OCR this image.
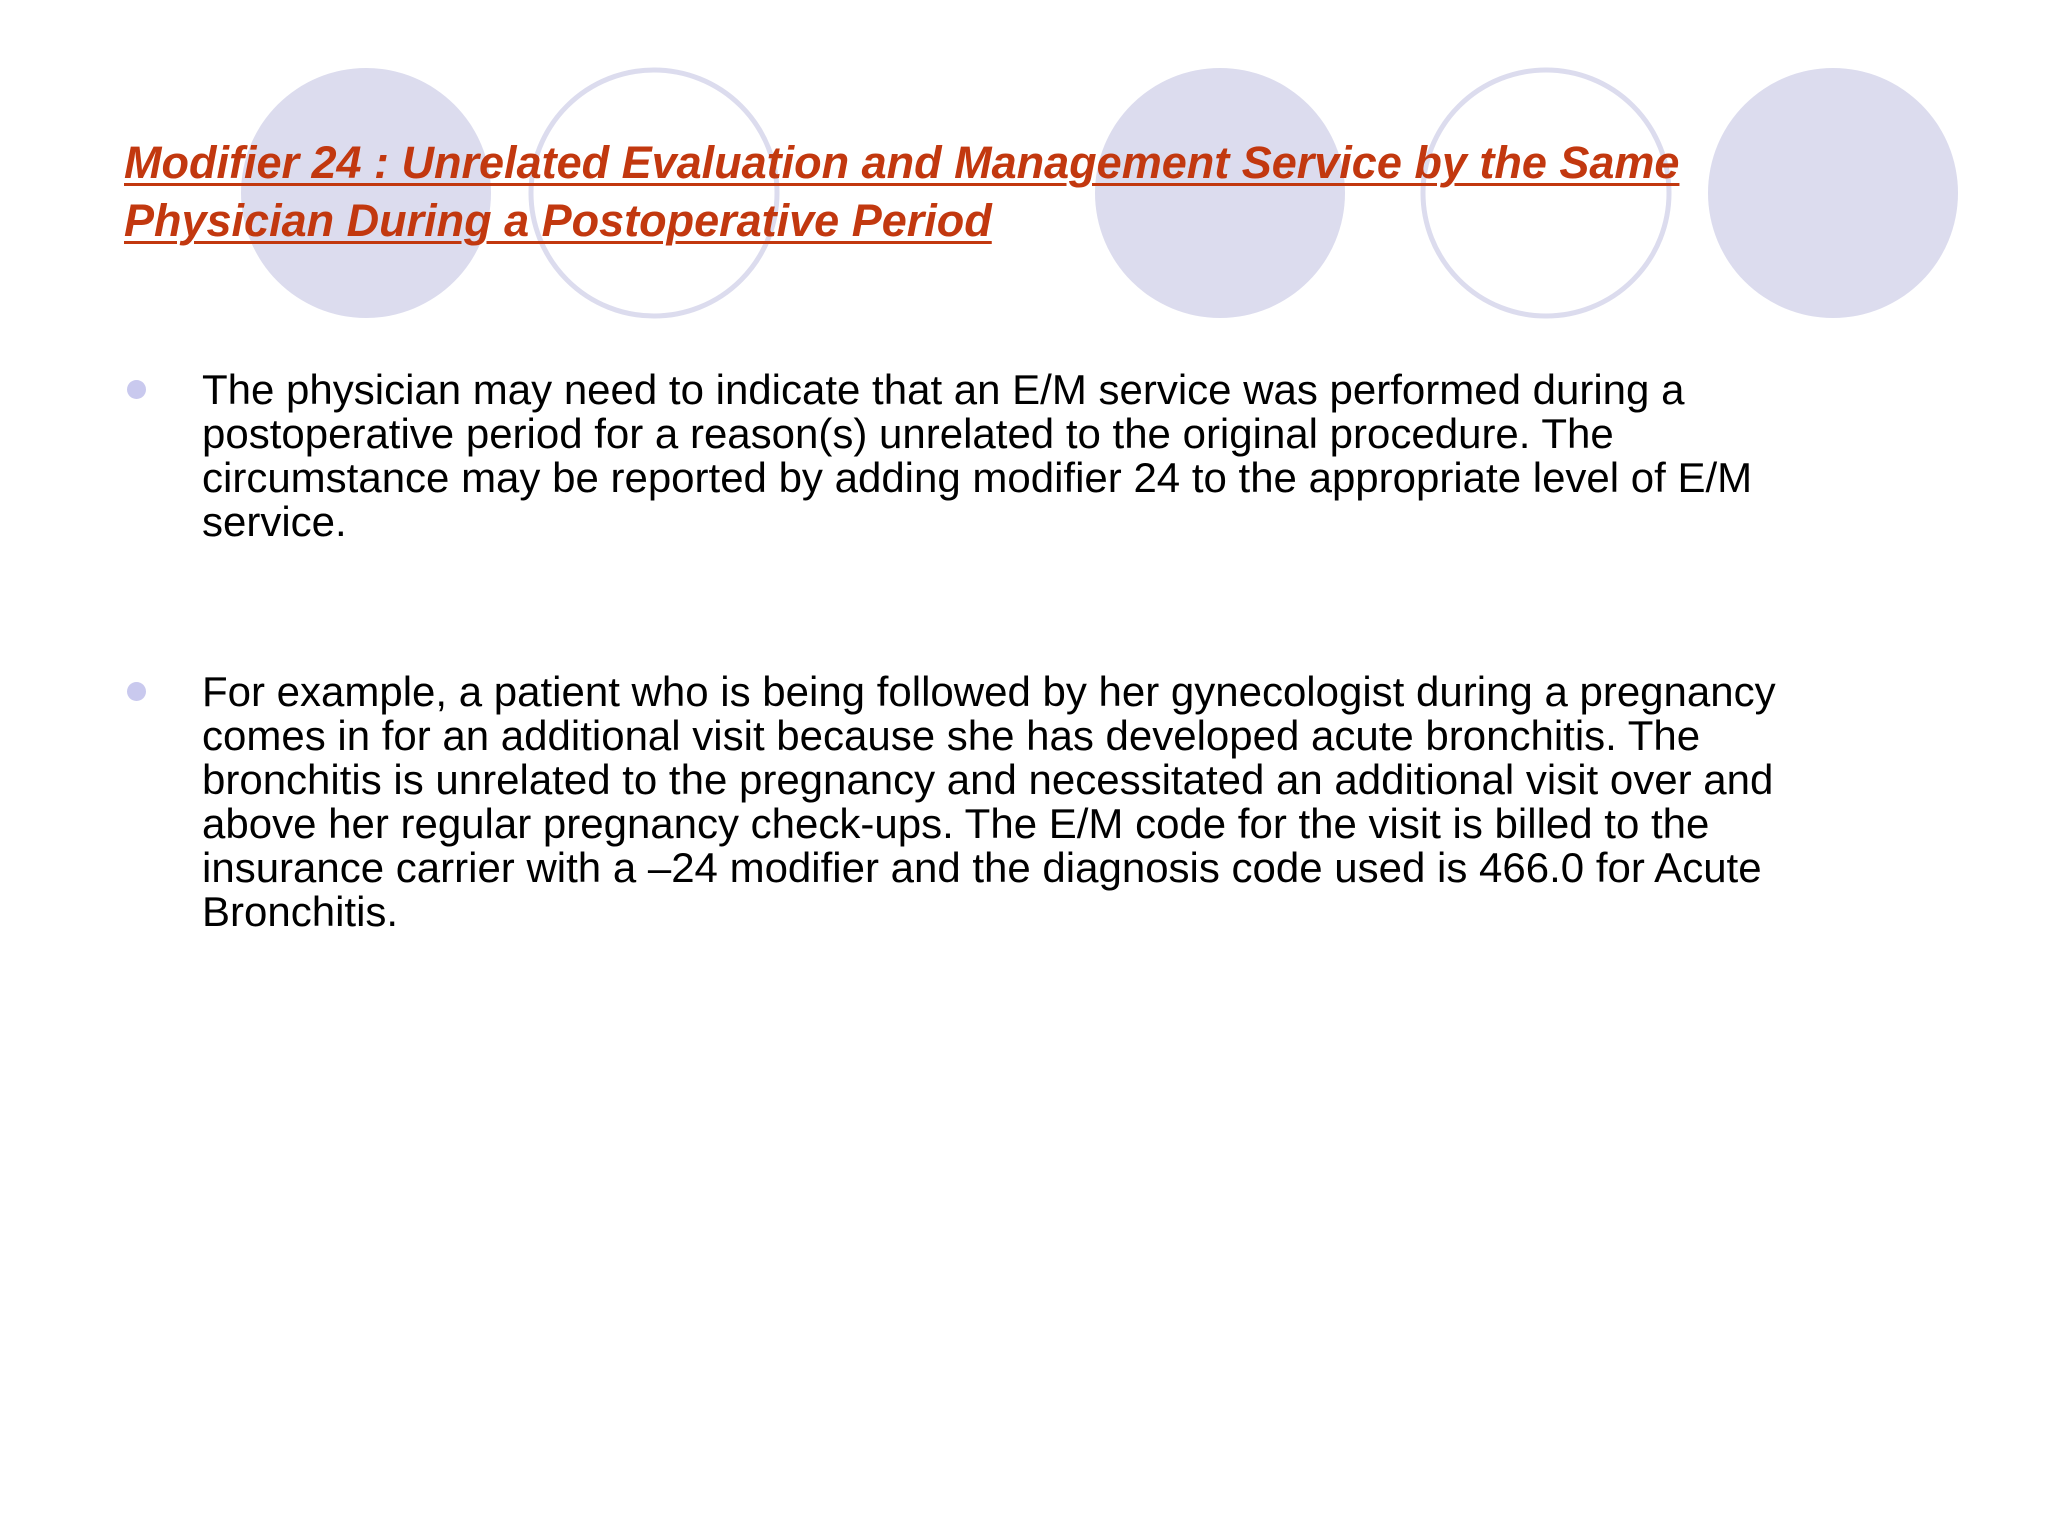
Modifier 24 : Unrelated Evaluation and Management Service by the Same
Physician During a Postoperative Period
The physician may need to indicate that an E/M service was performed during a
postoperative period for a reason(s) unrelated to the original procedure. The
circumstance may be reported by adding modifier 24 to the appropriate level of E/M
service.
For example, a patient who is being followed by her gynecologist during a pregnancy
comes in for an additional visit because she has developed acute bronchitis. The
bronchitis is unrelated to the pregnancy and necessitated an additional visit over and
above her regular pregnancy check-ups. The E/M code for the visit is billed to the
insurance carrier with a –24 modifier and the diagnosis code used is 466.0 for Acute
Bronchitis.
